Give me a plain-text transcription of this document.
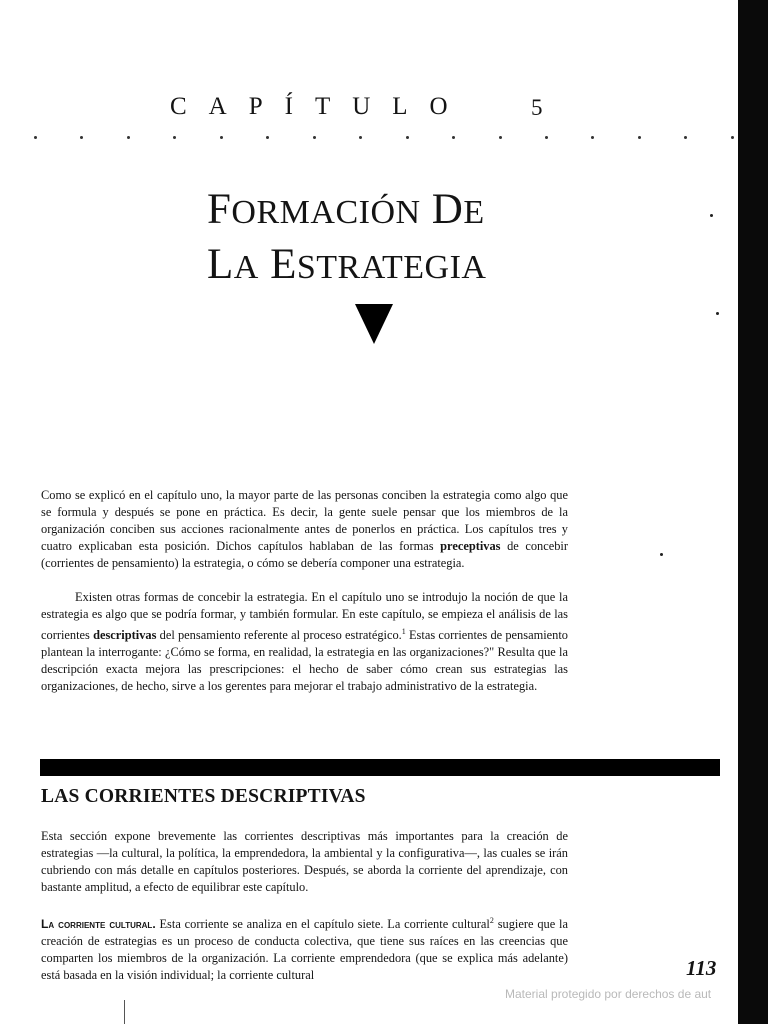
CAPÍTULO	5
FORMACIÓN DE
LA ESTRATEGIA

Como se explicó en el capítulo uno, la mayor parte de las personas conciben la estrategia como algo que se formula y después se pone en práctica. Es decir, la gente suele pensar que los miembros de la organización conciben sus acciones racionalmente antes de ponerlos en práctica. Los capítulos tres y cuatro explicaban esta posición. Dichos capítulos hablaban de las formas preceptivas de concebir (corrientes de pensamiento) la estrategia, o cómo se debería componer una estrategia.

Existen otras formas de concebir la estrategia. En el capítulo uno se introdujo la noción de que la estrategia es algo que se podría formar, y también formular. En este capítulo, se empieza el análisis de las corrientes descriptivas del pensamiento referente al proceso estratégico.$^1$ Estas corrientes de pensamiento plantean la interrogante: ¿Cómo se forma, en realidad, la estrategia en las organizaciones?" Resulta que la descripción exacta mejora las prescripciones: el hecho de saber cómo crean sus estrategias las organizaciones, de hecho, sirve a los gerentes para mejorar el trabajo administrativo de la estrategia.

LAS CORRIENTES DESCRIPTIVAS

Esta sección expone brevemente las corrientes descriptivas más importantes para la creación de estrategias —la cultural, la política, la emprendedora, la ambiental y la configurativa—, las cuales se irán cubriendo con más detalle en capítulos posteriores. Después, se aborda la corriente del aprendizaje, con bastante amplitud, a efecto de equilibrar este capítulo.

La corriente cultural. Esta corriente se analiza en el capítulo siete. La corriente cultural$^2$ sugiere que la creación de estrategias es un proceso de conducta colectiva, que tiene sus raíces en las creencias que comparten los miembros de la organización. La corriente emprendedora (que se explica más adelante) está basada en la visión individual; la corriente cultural	113
Material protegido por derechos de aut
